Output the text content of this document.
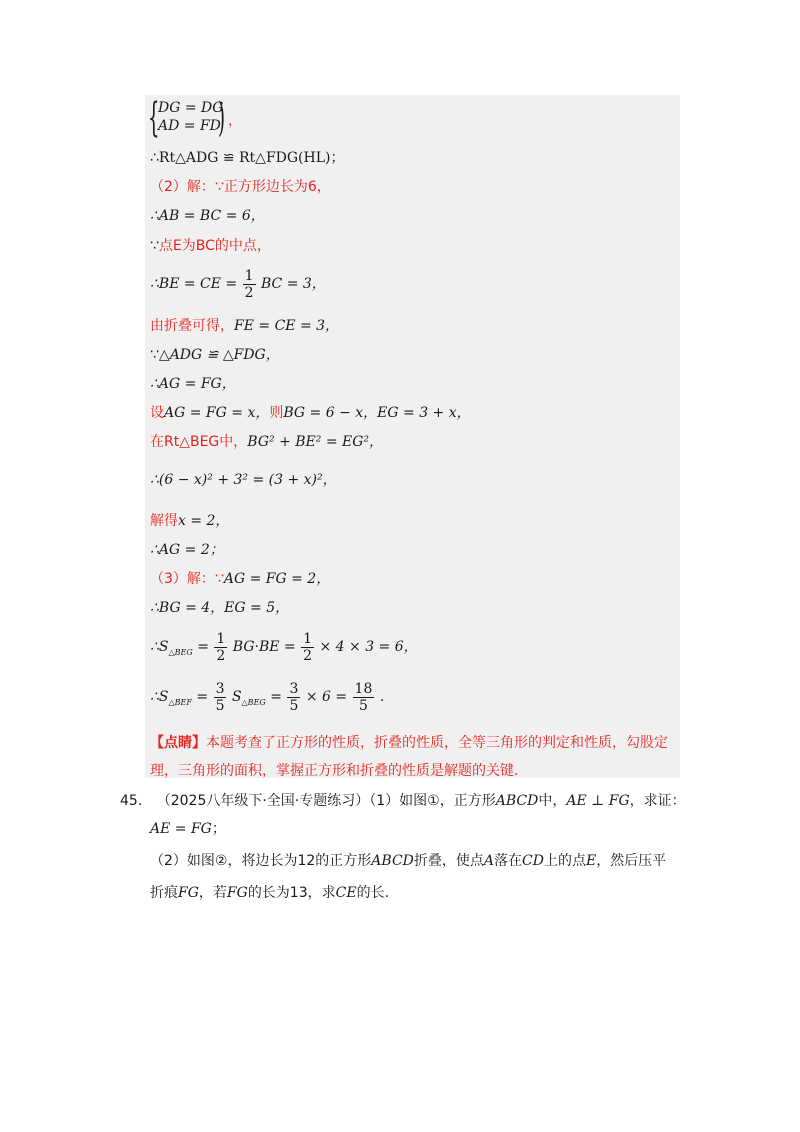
{
DG = DG
AD = FD
) ，
∴Rt△ADG ≌ Rt△FDG(HL)；
（2）解：∵正方形边长为6，
∴AB = BC = 6，
∵点E为BC的中点，
∴BE = CE = $\frac{1}{2}$ BC = 3，
由折叠可得，FE = CE = 3，
∵△ADG ≌ △FDG，
∴AG = FG，
设AG = FG = x，则BG = 6 − x，EG = 3 + x，
在Rt△BEG中，BG² + BE² = EG²，
∴(6 − x)² + 3² = (3 + x)²，
解得x = 2，
∴AG = 2；
（3）解：∵AG = FG = 2，
∴BG = 4，EG = 5，
$\therefore S_{\triangle BEG} = \frac{1}{2} BG\cdot BE = \frac{1}{2} \times 4 \times 3 = 6$，
$\therefore S_{\triangle BEF} = \frac{3}{5} S_{\triangle BEG} = \frac{3}{5} \times 6 = \frac{18}{5}$ .
【点睛】本题考查了正方形的性质，折叠的性质，全等三角形的判定和性质，勾股定
理，三角形的面积，掌握正方形和折叠的性质是解题的关键.
45. （2025八年级下·全国·专题练习）（1）如图①，正方形ABCD中，AE ⊥ FG，求证：
AE = FG；
（2）如图②，将边长为12的正方形ABCD折叠，使点A落在CD上的点E，然后压平
折痕FG，若FG的长为13，求CE的长.
